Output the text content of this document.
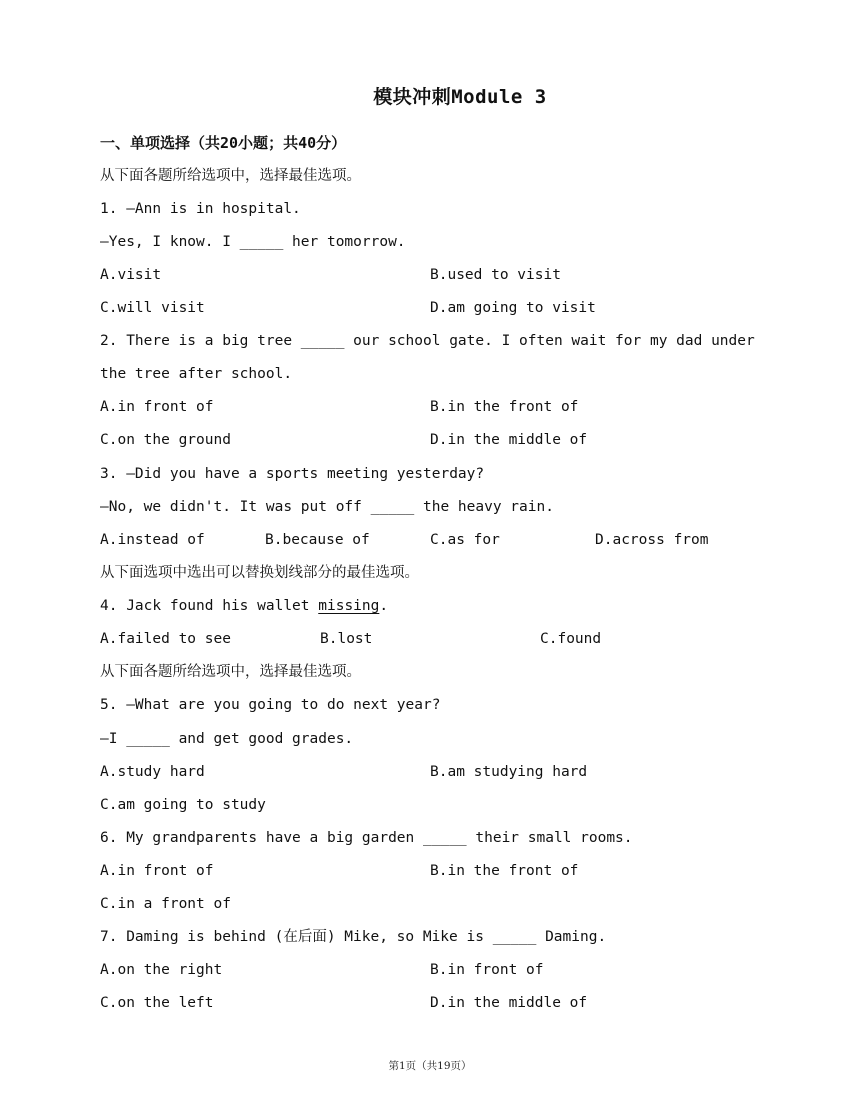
模块冲刺Module 3
一、单项选择（共20小题；共40分）
从下面各题所给选项中，选择最佳选项。
1. —Ann is in hospital.
—Yes, I know. I _____ her tomorrow.
A.visit	B.used to visit
C.will visit	D.am going to visit
2. There is a big tree _____ our school gate. I often wait for my dad under
the tree after school.
A.in front of	B.in the front of
C.on the ground	D.in the middle of
3. —Did you have a sports meeting yesterday?
—No, we didn't. It was put off _____ the heavy rain.
A.instead of	B.because of	C.as for	D.across from
从下面选项中选出可以替换划线部分的最佳选项。
4. Jack found his wallet missing.
A.failed to see	B.lost	C.found
从下面各题所给选项中，选择最佳选项。
5. —What are you going to do next year?
—I _____ and get good grades.
A.study hard	B.am studying hard
C.am going to study
6. My grandparents have a big garden _____ their small rooms.
A.in front of	B.in the front of
C.in a front of
7. Daming is behind (在后面) Mike, so Mike is _____ Daming.
A.on the right	B.in front of
C.on the left	D.in the middle of
第1页（共19页）
